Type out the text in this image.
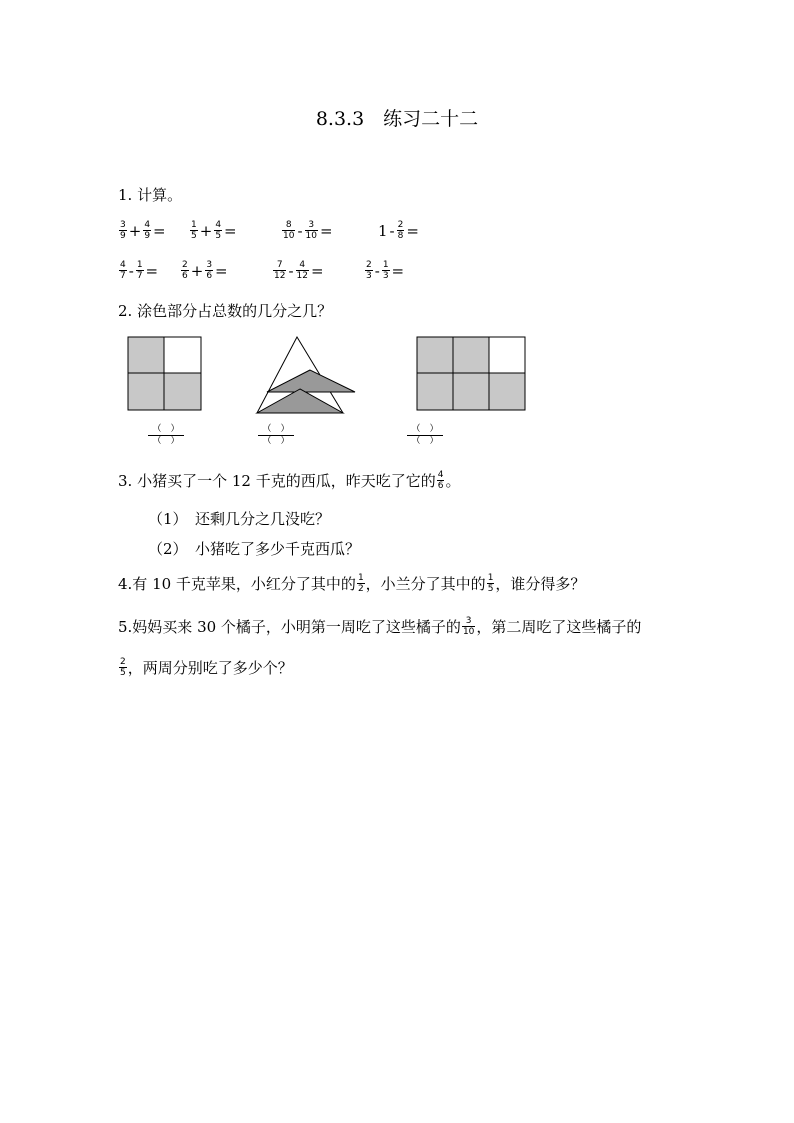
8.3.3　练习二十二
1. 计算。
$\frac{3}{9} + \frac{4}{9}$ =	$\frac{1}{5} + \frac{4}{5}$ =	$\frac{8}{10} - \frac{3}{10}$ =	$1 - \frac{2}{8}$ =
$\frac{4}{7} - \frac{1}{7}$ =	$\frac{2}{6} + \frac{3}{6}$ =	$\frac{7}{12} - \frac{4}{12}$ =	$\frac{2}{3} - \frac{1}{3}$ =
2. 涂色部分占总数的几分之几？
（　）
（　）
（　）
（　）
（　）
（　）
3. 小猪买了一个 12 千克的西瓜，昨天吃了它的 $\frac{4}{6}$ 。
（1）　还剩几分之几没吃？
（2）　小猪吃了多少千克西瓜？
4.有 10 千克苹果，小红分了其中的 $\frac{1}{2}$ ，小兰分了其中的 $\frac{1}{5}$ ，谁分得多？
5.妈妈买来 30 个橘子，小明第一周吃了这些橘子的 $\frac{3}{10}$ ，第二周吃了这些橘子的
$\frac{2}{5}$ ，两周分别吃了多少个？
